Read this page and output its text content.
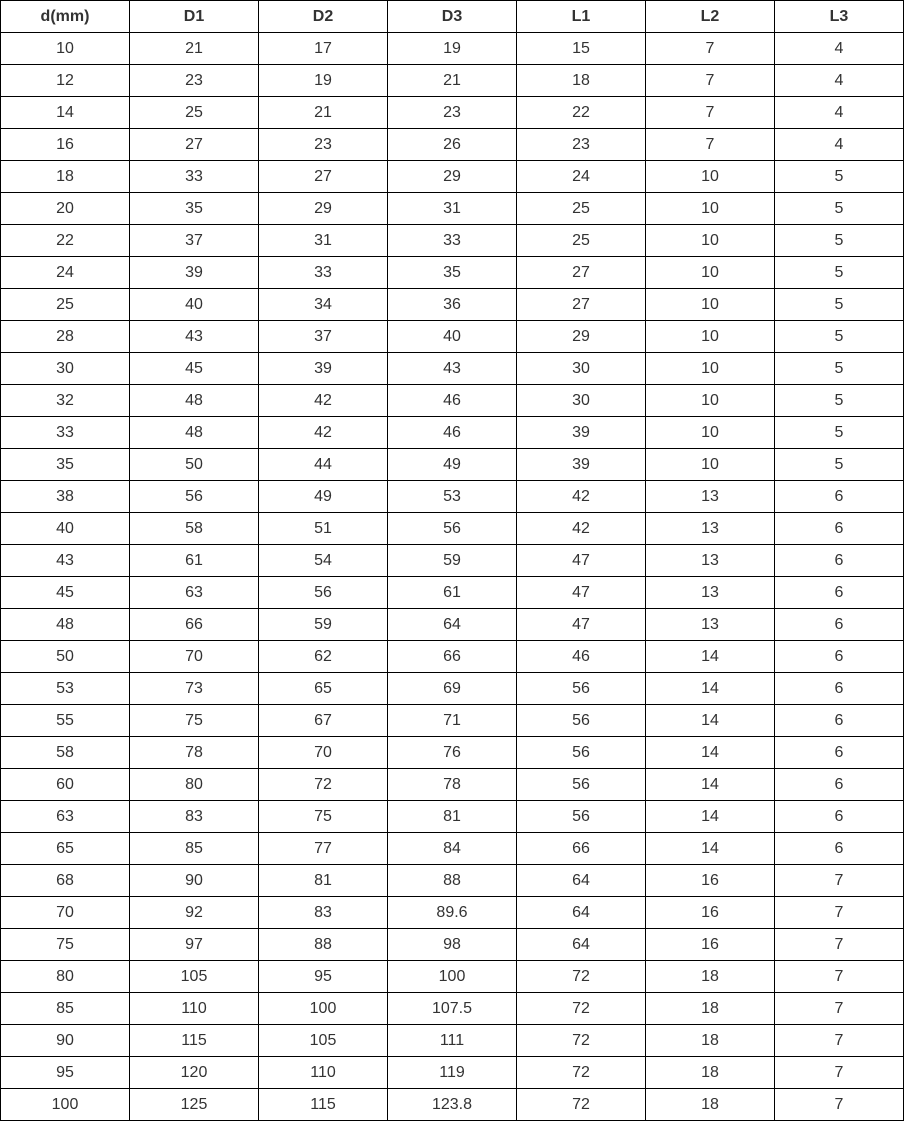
d(mm)	D1	D2	D3	L1	L2	L3
10	21	17	19	15	7	4
12	23	19	21	18	7	4
14	25	21	23	22	7	4
16	27	23	26	23	7	4
18	33	27	29	24	10	5
20	35	29	31	25	10	5
22	37	31	33	25	10	5
24	39	33	35	27	10	5
25	40	34	36	27	10	5
28	43	37	40	29	10	5
30	45	39	43	30	10	5
32	48	42	46	30	10	5
33	48	42	46	39	10	5
35	50	44	49	39	10	5
38	56	49	53	42	13	6
40	58	51	56	42	13	6
43	61	54	59	47	13	6
45	63	56	61	47	13	6
48	66	59	64	47	13	6
50	70	62	66	46	14	6
53	73	65	69	56	14	6
55	75	67	71	56	14	6
58	78	70	76	56	14	6
60	80	72	78	56	14	6
63	83	75	81	56	14	6
65	85	77	84	66	14	6
68	90	81	88	64	16	7
70	92	83	89.6	64	16	7
75	97	88	98	64	16	7
80	105	95	100	72	18	7
85	110	100	107.5	72	18	7
90	115	105	111	72	18	7
95	120	110	119	72	18	7
100	125	115	123.8	72	18	7
